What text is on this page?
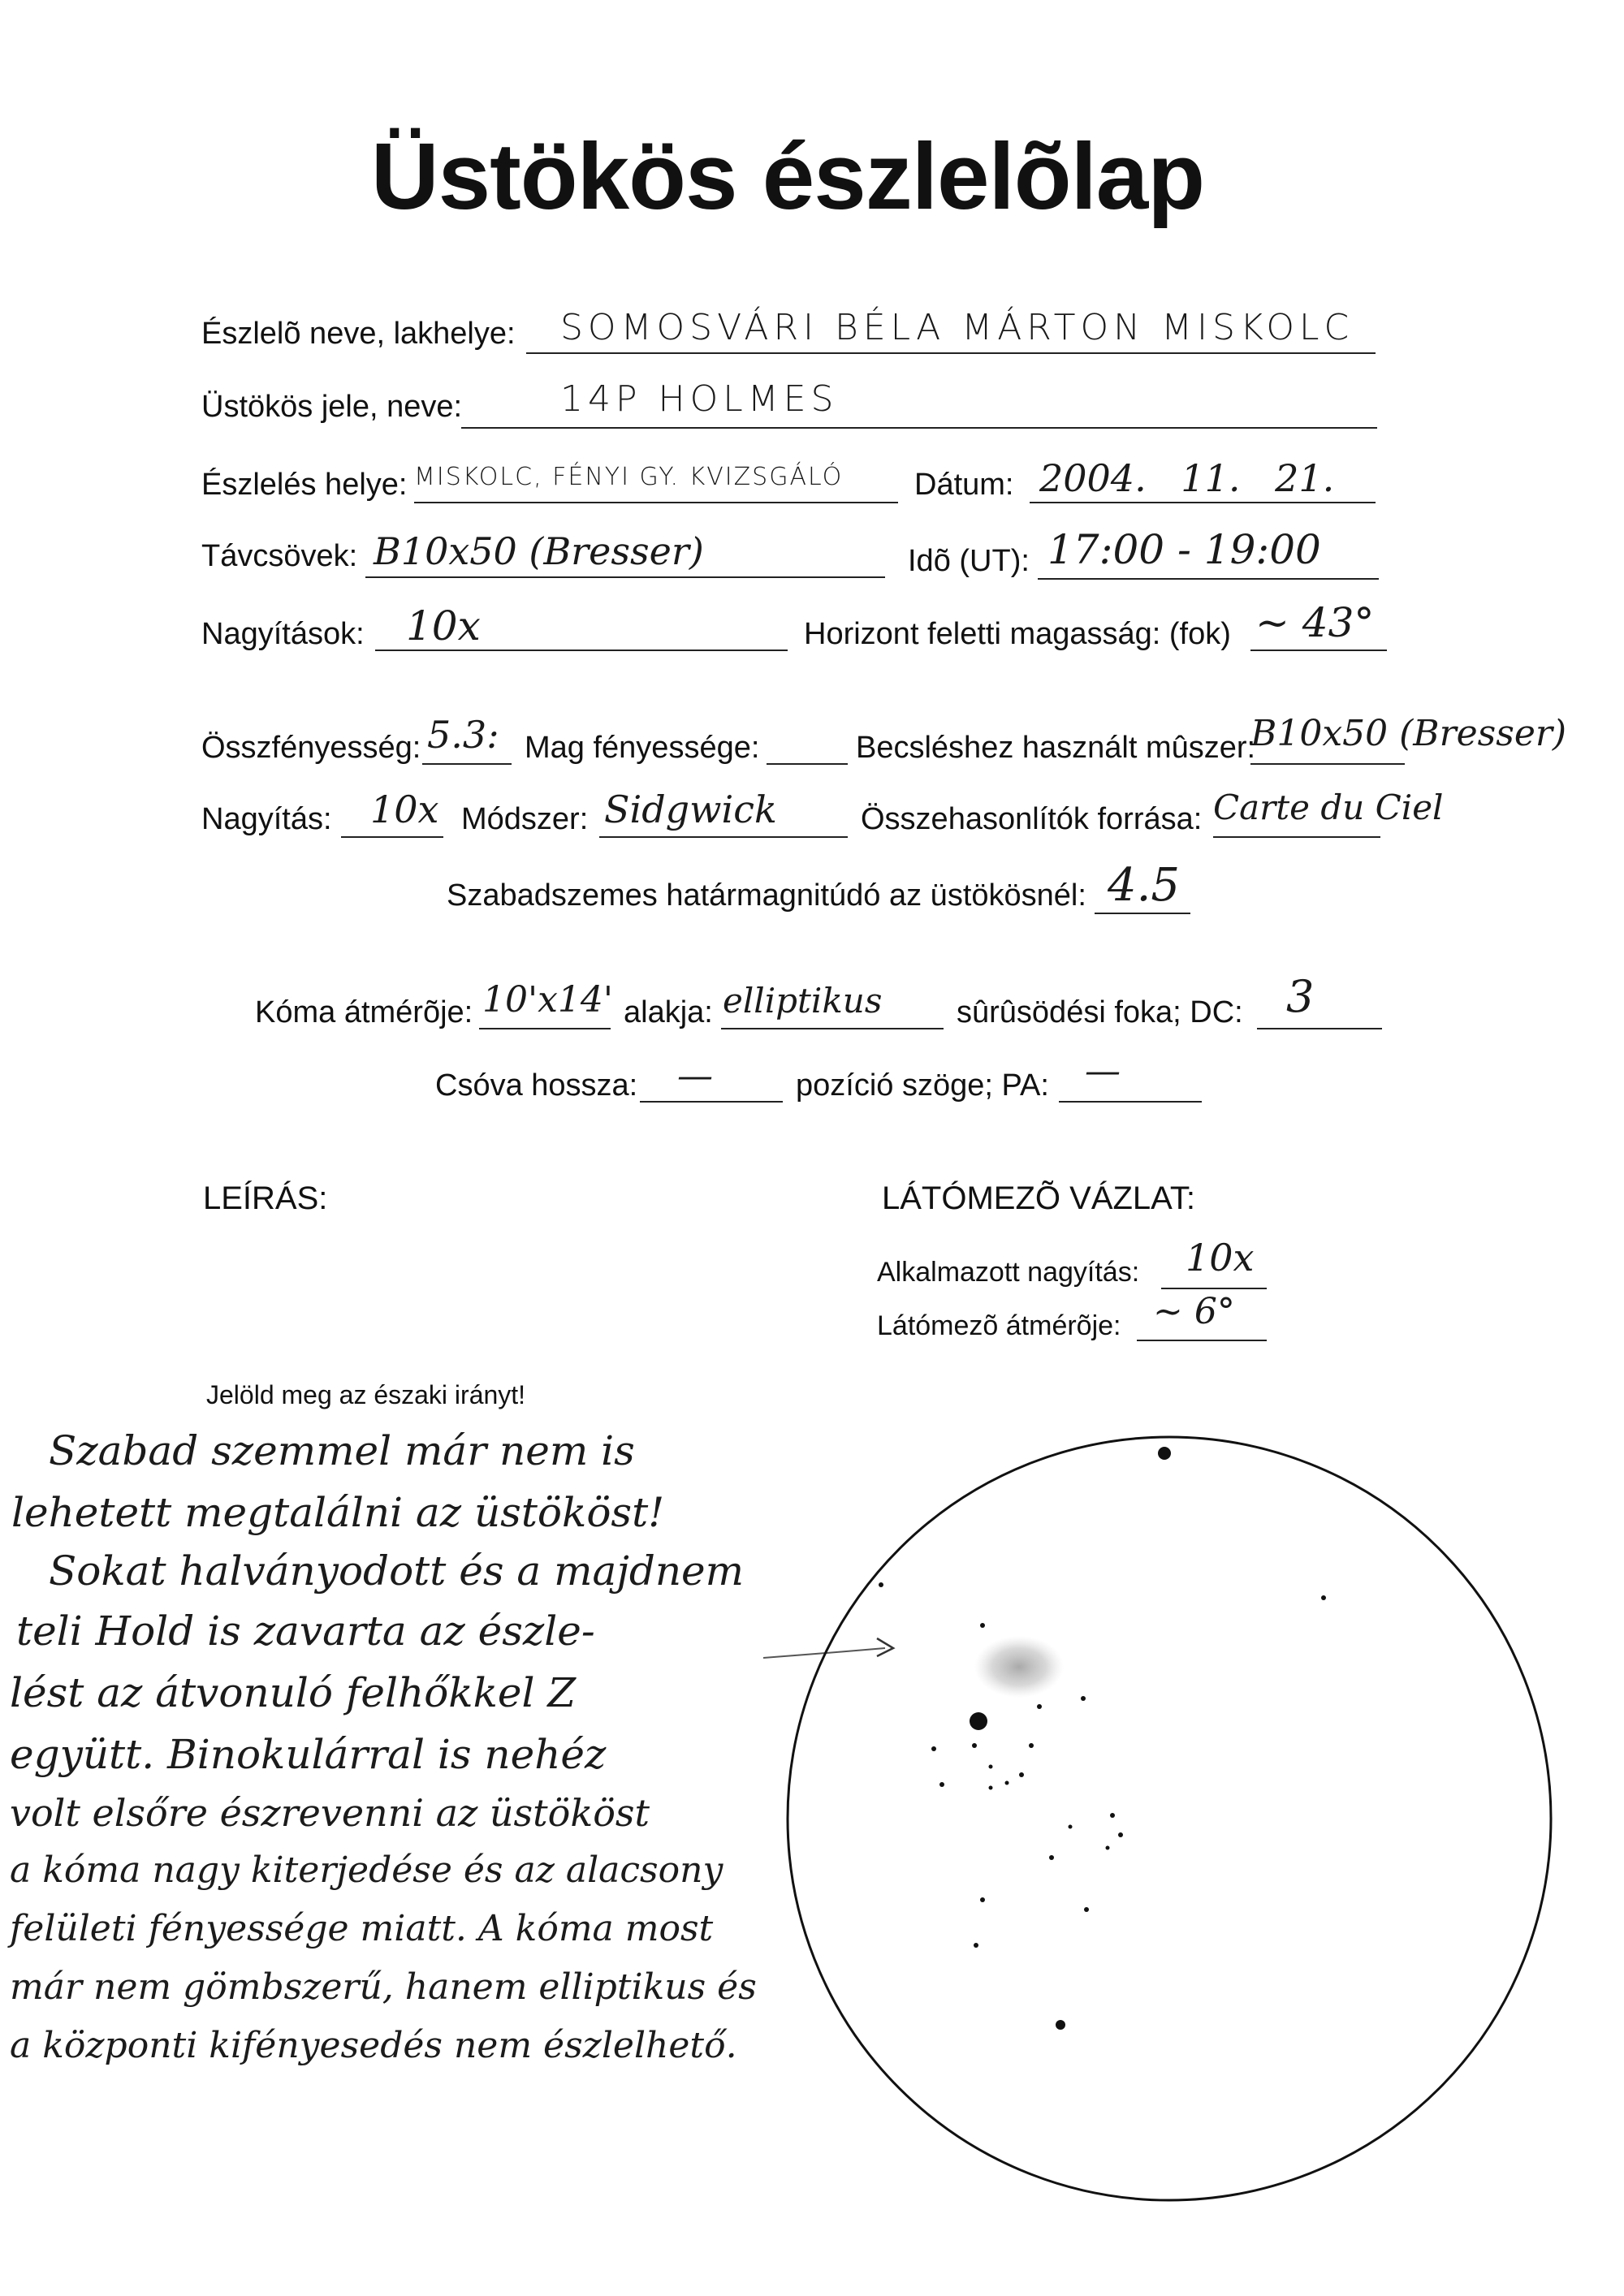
Üstökös észlelõlap
Észlelõ neve, lakhelye: SOMOSVÁRI BÉLA MÁRTON MISKOLC
Üstökös jele, neve:	14P HOLMES
Észlelés helye: MISKOLC, FÉNYI GY. KVIZSGÁLÓ Dátum: 2004. 11. 21.
Távcsövek: B10x50 (Bresser)	Idõ (UT): 17:00 - 19:00
Nagyítások: 10x	Horizont feletti magasság: (fok) ~ 43°
Összfényesség: 5.3: Mag fényessége:	Becsléshez használt mûszer:
B10x50 (Bresser)
Nagyítás: 10x Módszer: Sidgwick	Összehasonlítók forrása: Carte du Ciel
Szabadszemes határmagnitúdó az üstökösnél: 4.5
Kóma átmérõje: 10'x14' alakja: elliptikus sûrûsödési foka; DC: 3
Csóva hossza: —	pozíció szöge; PA: —
LEÍRÁS:	LÁTÓMEZÕ VÁZLAT:
Alkalmazott nagyítás: 10x
Látómezõ átmérõje: ~ 6°
Jelöld meg az északi irányt!
Szabad szemmel már nem is
lehetett megtalálni az üstököst!
Sokat halványodott és a majdnem
teli Hold is zavarta az észle-
lést az átvonuló felhőkkel Z
együtt. Binokulárral is nehéz
volt elsőre észrevenni az üstököst
a kóma nagy kiterjedése és az alacsony
felületi fényessége miatt. A kóma most
már nem gömbszerű, hanem elliptikus és
a központi kifényesedés nem észlelhető.
